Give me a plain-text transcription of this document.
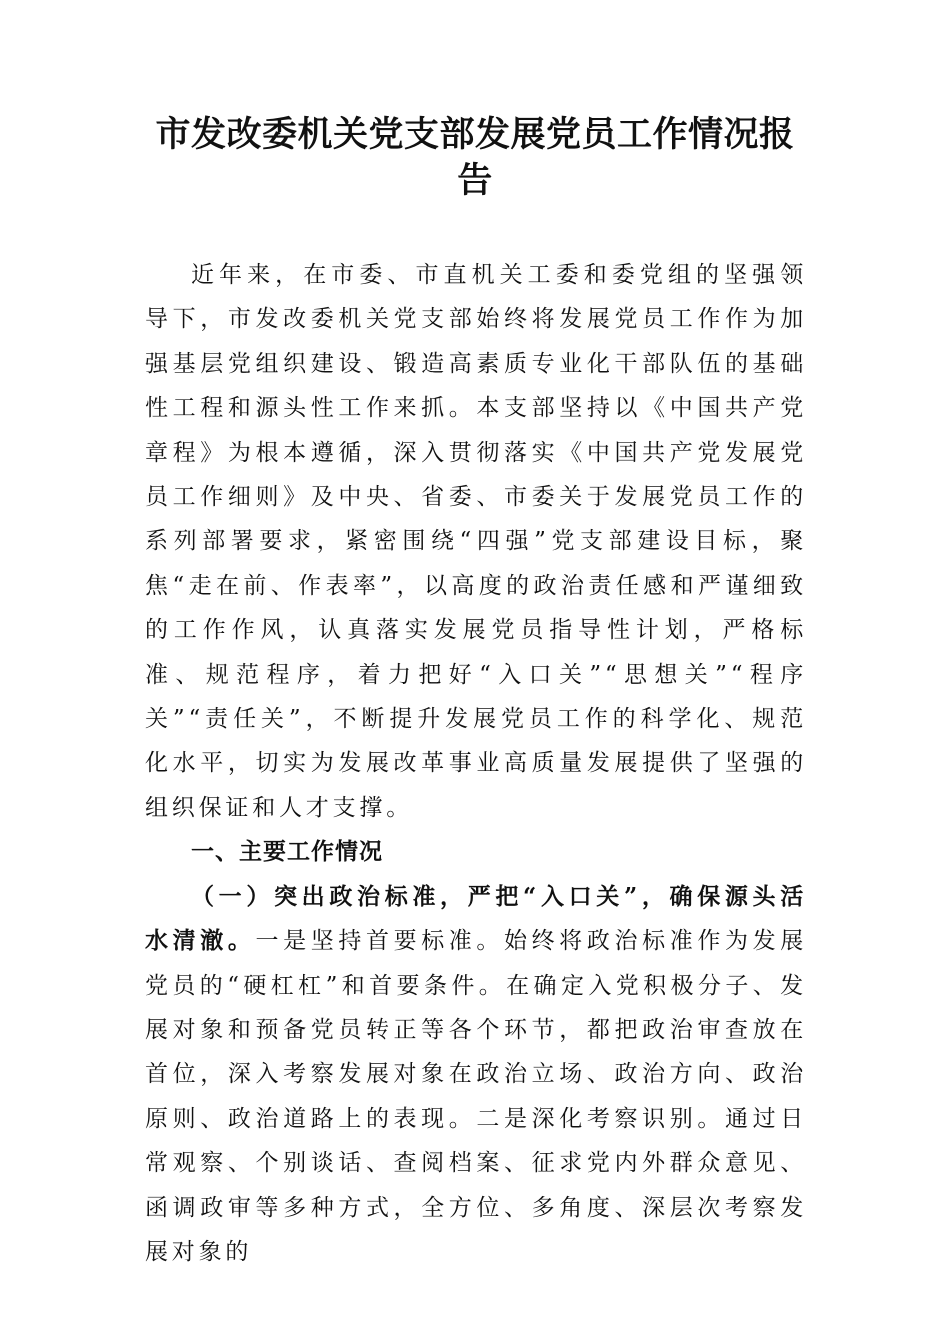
市发改委机关党支部发展党员工作情况报告

近年来，在市委、市直机关工委和委党组的坚强领导下，市发改委机关党支部始终将发展党员工作作为加强基层党组织建设、锻造高素质专业化干部队伍的基础性工程和源头性工作来抓。本支部坚持以《中国共产党章程》为根本遵循，深入贯彻落实《中国共产党发展党员工作细则》及中央、省委、市委关于发展党员工作的系列部署要求，紧密围绕“四强”党支部建设目标，聚焦“走在前、作表率”，以高度的政治责任感和严谨细致的工作作风，认真落实发展党员指导性计划，严格标准、规范程序，着力把好“入口关”“思想关”“程序关”“责任关”，不断提升发展党员工作的科学化、规范化水平，切实为发展改革事业高质量发展提供了坚强的组织保证和人才支撑。

一、主要工作情况

（一）突出政治标准，严把“入口关”，确保源头活水清澈。一是坚持首要标准。始终将政治标准作为发展党员的“硬杠杠”和首要条件。在确定入党积极分子、发展对象和预备党员转正等各个环节，都把政治审查放在首位，深入考察发展对象在政治立场、政治方向、政治原则、政治道路上的表现。二是深化考察识别。通过日常观察、个别谈话、查阅档案、征求党内外群众意见、函调政审等多种方式，全方位、多角度、深层次考察发展对象的
